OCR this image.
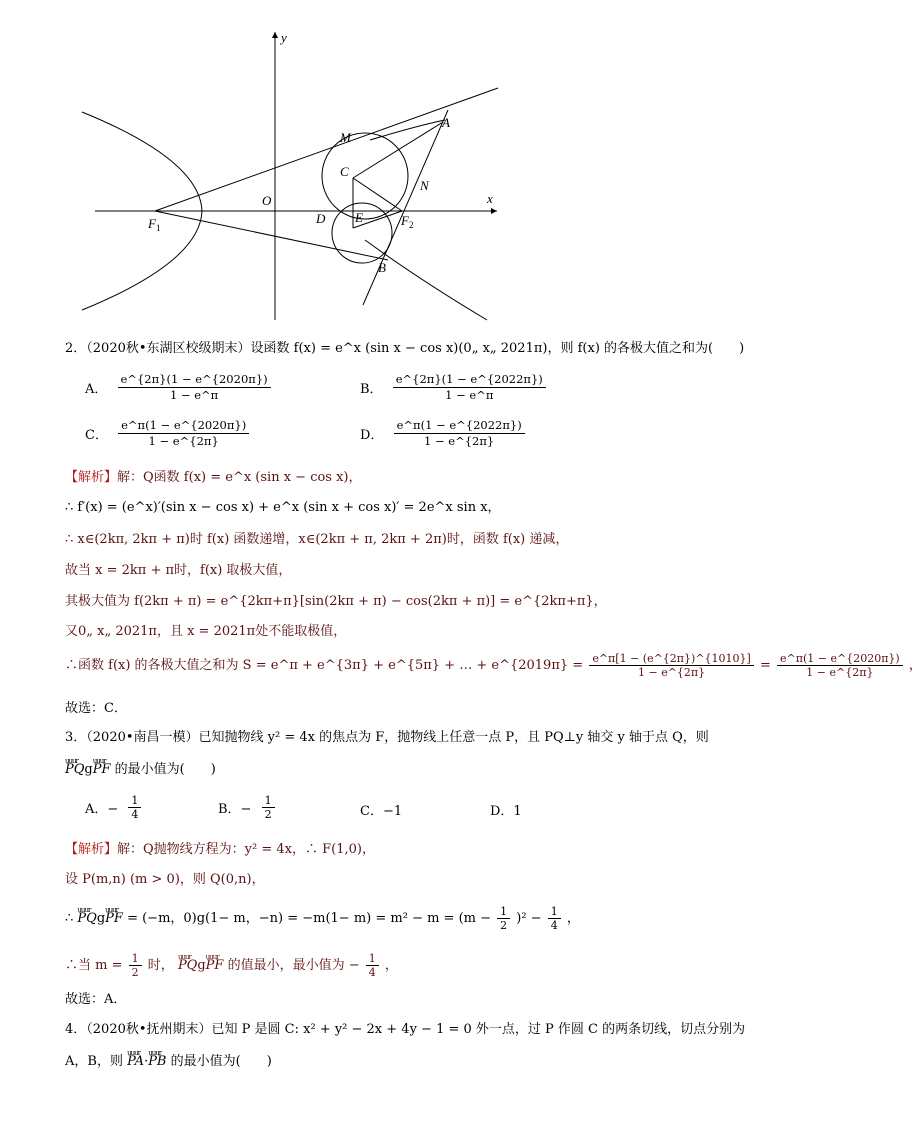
y
x
O
M
A
C
N
D E
B
$F_1$	$F_2$
2．（2020秋•东湖区校级期末）设函数 f(x) = e^x (sin x − cos x)(0„ x„ 2021π)，则 f(x) 的各极大值之和为(　　)
A． $\frac{e\^{}\{2\pi\}(1 - e\^{}\{2020\pi\})}{1 - e\^{}\pi}$	B． $\frac{e\^{}\{2\pi\}(1 - e\^{}\{2022\pi\})}{1 - e\^{}\pi}$
C． $\frac{e\^{}\pi(1 - e\^{}\{2020\pi\})}{1 - e\^{}\{2\pi\}}$	D． $\frac{e\^{}\pi(1 - e\^{}\{2022\pi\})}{1 - e\^{}\{2\pi\}}$
【解析】解：Q函数 f(x) = e^x (sin x − cos x)，
∴ f′(x) = (e^x)′(sin x − cos x) + e^x (sin x + cos x)′ = 2e^x sin x，
∴ x∈(2kπ, 2kπ + π)时 f(x) 函数递增，x∈(2kπ + π, 2kπ + 2π)时，函数 f(x) 递减，
故当 x = 2kπ + π时，f(x) 取极大值，
其极大值为 f(2kπ + π) = e^{2kπ+π}[sin(2kπ + π) − cos(2kπ + π)] = e^{2kπ+π}，
又0„ x„ 2021π，且 x = 2021π处不能取极值，
∴函数 f(x) 的各极大值之和为 S = e^π + e^{3π} + e^{5π} + … + e^{2019π} = $\frac{e\^{}\pi[1 - (e\^{}\{2\pi\})\^{}\{1010\}]}{1 - e\^{}\{2\pi\}} = \frac{e\^{}\pi(1 - e\^{}\{2020\pi\})}{1 - e\^{}\{2\pi\}}$ ，
故选：C．
3．（2020•南昌一模）已知抛物线 y² = 4x 的焦点为 F，抛物线上任意一点 P，且 PQ⊥y 轴交 y 轴于点 Q，则
uuur PQguuur PF 的最小值为(　　)
A．− $\frac{1}{4}$	B．− $\frac{1}{2}$	C．−1	D．1
【解析】解：Q抛物线方程为：y² = 4x，∴ F(1,0)，
设 P(m,n) (m > 0)，则 Q(0,n)，
∴ uuur PQguuur PF = (−m，0)g(1− m，$-n) = -m(1- m) = m^2 - m = (m - \frac{1}{2} )^2 - \frac{1}{4}$ ，
∴当 $m = \frac{1}{2}$ 时， uuur PQguuur PF 的值最小，最小值为 − $\frac{1}{4}$ ，
故选：A．
4．（2020秋•抚州期末）已知 P 是圆 C: x² + y² − 2x + 4y − 1 = 0 外一点，过 P 作圆 C 的两条切线，切点分别为
A，B，则 uuur PA·uuur PB 的最小值为(　　)
